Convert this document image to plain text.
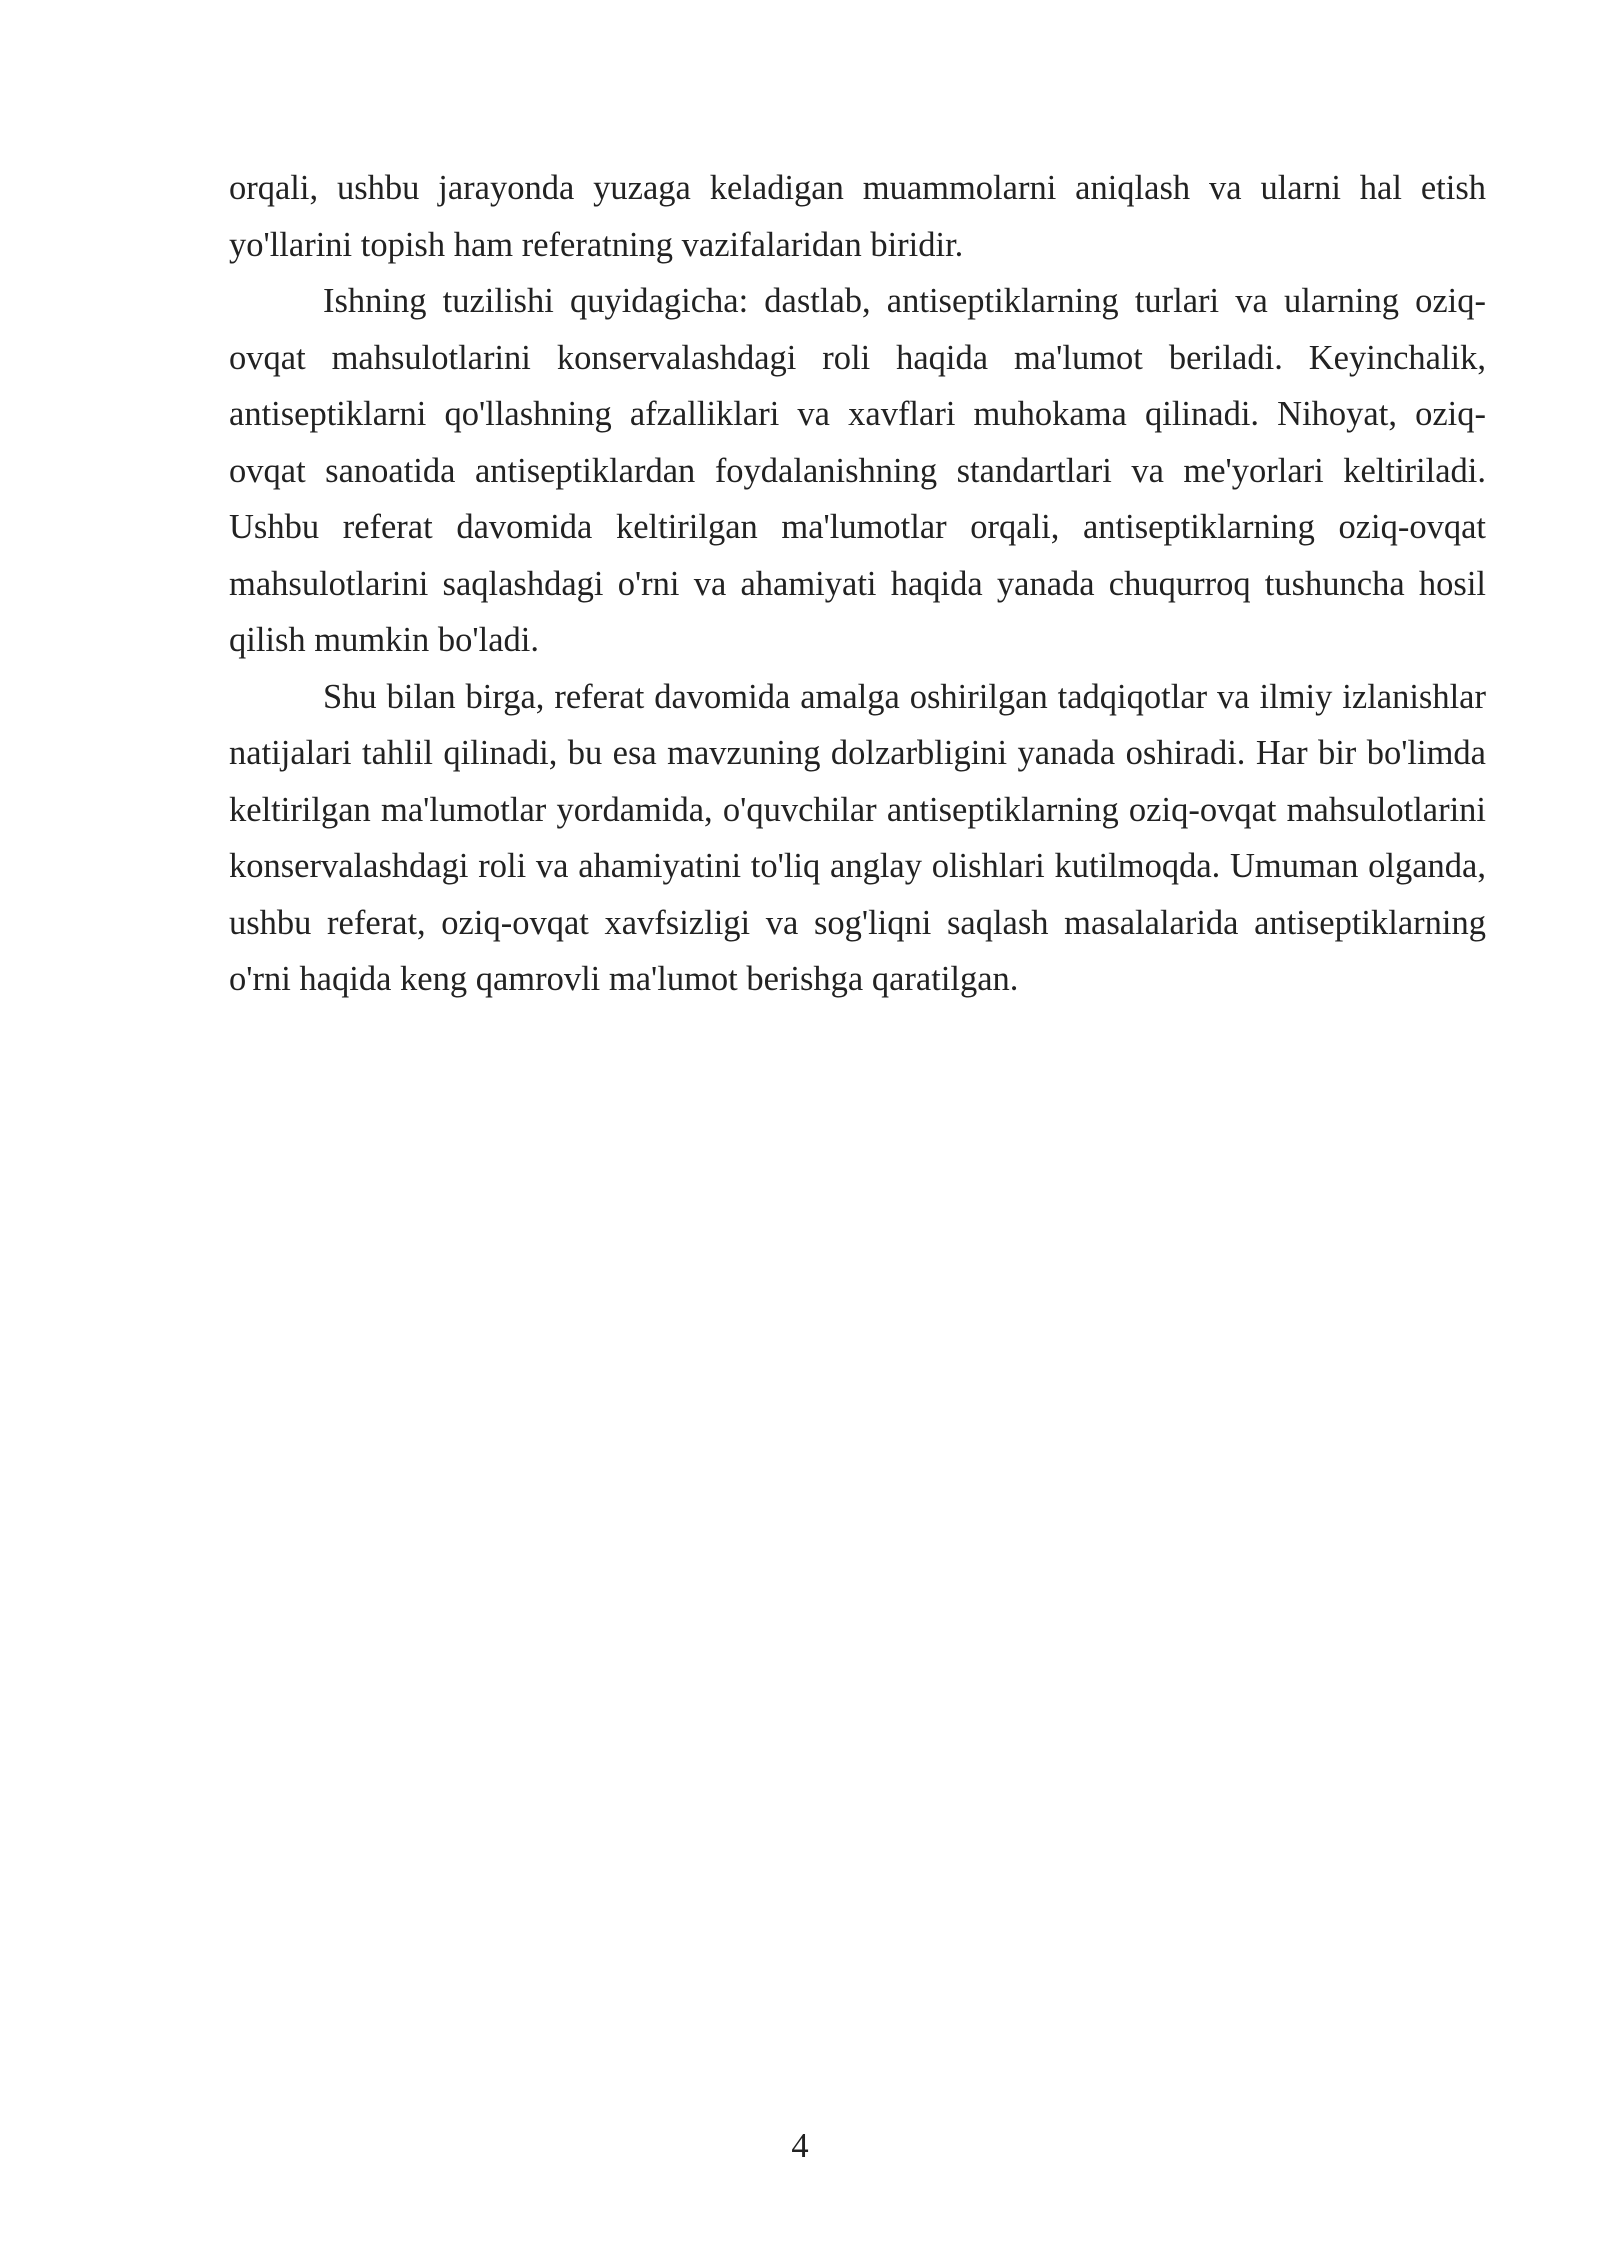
orqali, ushbu jarayonda yuzaga keladigan muammolarni aniqlash va ularni hal etish yo'llarini topish ham referatning vazifalaridan biridir.

Ishning tuzilishi quyidagicha: dastlab, antiseptiklarning turlari va ularning oziq-ovqat mahsulotlarini konservalashdagi roli haqida ma'lumot beriladi. Keyinchalik, antiseptiklarni qo'llashning afzalliklari va xavflari muhokama qilinadi. Nihoyat, oziq-ovqat sanoatida antiseptiklardan foydalanishning standartlari va me'yorlari keltiriladi. Ushbu referat davomida keltirilgan ma'lumotlar orqali, antiseptiklarning oziq-ovqat mahsulotlarini saqlashdagi o'rni va ahamiyati haqida yanada chuqurroq tushuncha hosil qilish mumkin bo'ladi.

Shu bilan birga, referat davomida amalga oshirilgan tadqiqotlar va ilmiy izlanishlar natijalari tahlil qilinadi, bu esa mavzuning dolzarbligini yanada oshiradi. Har bir bo'limda keltirilgan ma'lumotlar yordamida, o'quvchilar antiseptiklarning oziq-ovqat mahsulotlarini konservalashdagi roli va ahamiyatini to'liq anglay olishlari kutilmoqda. Umuman olganda, ushbu referat, oziq-ovqat xavfsizligi va sog'liqni saqlash masalalarida antiseptiklarning o'rni haqida keng qamrovli ma'lumot berishga qaratilgan.

4
